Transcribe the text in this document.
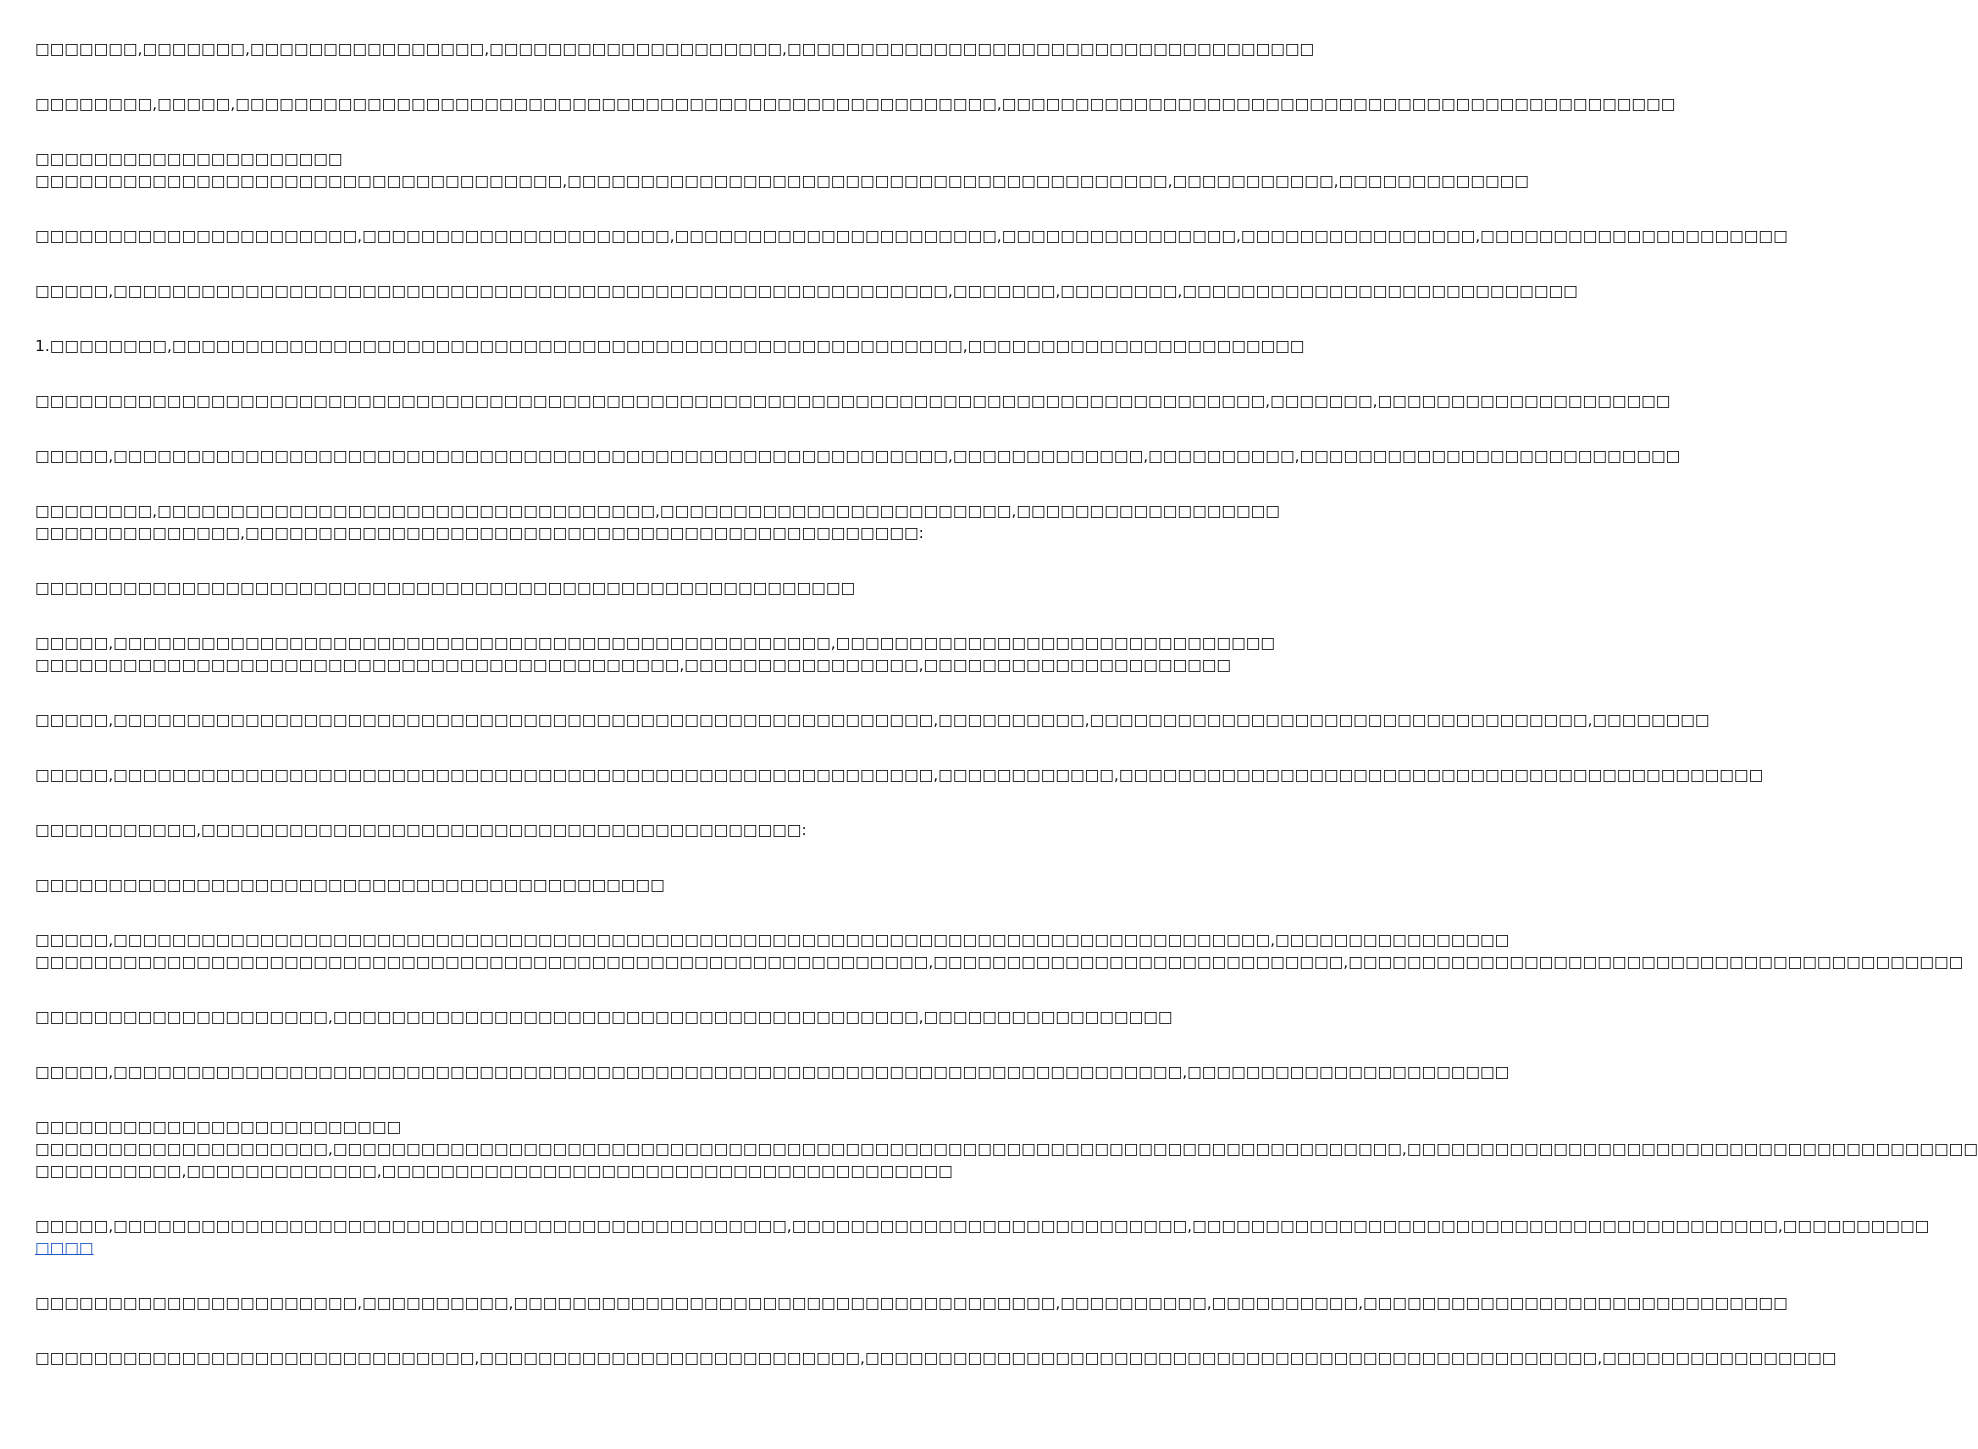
□□□□□□□,□□□□□□□,□□□□□□□□□□□□□□□□,□□□□□□□□□□□□□□□□□□□□,□□□□□□□□□□□□□□□□□□□□□□□□□□□□□□□□□□□□
□□□□□□□□,□□□□□,□□□□□□□□□□□□□□□□□□□□□□□□□□□□□□□□□□□□□□□□□□□□□□□□□□□□,□□□□□□□□□□□□□□□□□□□□□□□□□□□□□□□□□□□□□□□□□□□□□□
□□□□□□□□□□□□□□□□□□□□□
□□□□□□□□□□□□□□□□□□□□□□□□□□□□□□□□□□□□,□□□□□□□□□□□□□□□□□□□□□□□□□□□□□□□□□□□□□□□□□,□□□□□□□□□□□,□□□□□□□□□□□□□
□□□□□□□□□□□□□□□□□□□□□□,□□□□□□□□□□□□□□□□□□□□□,□□□□□□□□□□□□□□□□□□□□□□,□□□□□□□□□□□□□□□□,□□□□□□□□□□□□□□□□,□□□□□□□□□□□□□□□□□□□□□
□□□□□,□□□□□□□□□□□□□□□□□□□□□□□□□□□□□□□□□□□□□□□□□□□□□□□□□□□□□□□□□,□□□□□□□,□□□□□□□□,□□□□□□□□□□□□□□□□□□□□□□□□□□□
1.□□□□□□□□,□□□□□□□□□□□□□□□□□□□□□□□□□□□□□□□□□□□□□□□□□□□□□□□□□□□□□□,□□□□□□□□□□□□□□□□□□□□□□□
□□□□□□□□□□□□□□□□□□□□□□□□□□□□□□□□□□□□□□□□□□□□□□□□□□□□□□□□□□□□□□□□□□□□□□□□□□□□□□□□□□□□,□□□□□□□,□□□□□□□□□□□□□□□□□□□□
□□□□□,□□□□□□□□□□□□□□□□□□□□□□□□□□□□□□□□□□□□□□□□□□□□□□□□□□□□□□□□□,□□□□□□□□□□□□□,□□□□□□□□□□,□□□□□□□□□□□□□□□□□□□□□□□□□□
□□□□□□□□,□□□□□□□□□□□□□□□□□□□□□□□□□□□□□□□□□□,□□□□□□□□□□□□□□□□□□□□□□□□,□□□□□□□□□□□□□□□□□□
□□□□□□□□□□□□□□,□□□□□□□□□□□□□□□□□□□□□□□□□□□□□□□□□□□□□□□□□□□□□□:
□□□□□□□□□□□□□□□□□□□□□□□□□□□□□□□□□□□□□□□□□□□□□□□□□□□□□□□□
□□□□□,□□□□□□□□□□□□□□□□□□□□□□□□□□□□□□□□□□□□□□□□□□□□□□□□□,□□□□□□□□□□□□□□□□□□□□□□□□□□□□□□
□□□□□□□□□□□□□□□□□□□□□□□□□□□□□□□□□□□□□□□□□□□□,□□□□□□□□□□□□□□□□,□□□□□□□□□□□□□□□□□□□□□
□□□□□,□□□□□□□□□□□□□□□□□□□□□□□□□□□□□□□□□□□□□□□□□□□□□□□□□□□□□□□□,□□□□□□□□□□,□□□□□□□□□□□□□□□□□□□□□□□□□□□□□□□□□□,□□□□□□□□
□□□□□,□□□□□□□□□□□□□□□□□□□□□□□□□□□□□□□□□□□□□□□□□□□□□□□□□□□□□□□□,□□□□□□□□□□□□,□□□□□□□□□□□□□□□□□□□□□□□□□□□□□□□□□□□□□□□□□□□□
□□□□□□□□□□□,□□□□□□□□□□□□□□□□□□□□□□□□□□□□□□□□□□□□□□□□□:
□□□□□□□□□□□□□□□□□□□□□□□□□□□□□□□□□□□□□□□□□□□
□□□□□,□□□□□□□□□□□□□□□□□□□□□□□□□□□□□□□□□□□□□□□□□□□□□□□□□□□□□□□□□□□□□□□□□□□□□□□□□□□□□□□,□□□□□□□□□□□□□□□□
□□□□□□□□□□□□□□□□□□□□□□□□□□□□□□□□□□□□□□□□□□□□□□□□□□□□□□□□□□□□□,□□□□□□□□□□□□□□□□□□□□□□□□□□□□,□□□□□□□□□□□□□□□□□□□□□□□□□□□□□□□□□□□□□□□□□□
□□□□□□□□□□□□□□□□□□□□,□□□□□□□□□□□□□□□□□□□□□□□□□□□□□□□□□□□□□□□□,□□□□□□□□□□□□□□□□□
□□□□□,□□□□□□□□□□□□□□□□□□□□□□□□□□□□□□□□□□□□□□□□□□□□□□□□□□□□□□□□□□□□□□□□□□□□□□□□□,□□□□□□□□□□□□□□□□□□□□□□
□□□□□□□□□□□□□□□□□□□□□□□□□
□□□□□□□□□□□□□□□□□□□□,□□□□□□□□□□□□□□□□□□□□□□□□□□□□□□□□□□□□□□□□□□□□□□□□□□□□□□□□□□□□□□□□□□□□□□□□□,□□□□□□□□□□□□□□□□□□□□□□□□□□□□□□□□□□□□□□□
□□□□□□□□□□,□□□□□□□□□□□□□,□□□□□□□□□□□□□□□□□□□□□□□□□□□□□□□□□□□□□□□
□□□□□,□□□□□□□□□□□□□□□□□□□□□□□□□□□□□□□□□□□□□□□□□□□□□□,□□□□□□□□□□□□□□□□□□□□□□□□□□□,□□□□□□□□□□□□□□□□□□□□□□□□□□□□□□□□□□□□□□□□,□□□□□□□□□□
□□□□
□□□□□□□□□□□□□□□□□□□□□□,□□□□□□□□□□,□□□□□□□□□□□□□□□□□□□□□□□□□□□□□□□□□□□□□,□□□□□□□□□□,□□□□□□□□□□,□□□□□□□□□□□□□□□□□□□□□□□□□□□□□
□□□□□□□□□□□□□□□□□□□□□□□□□□□□□□,□□□□□□□□□□□□□□□□□□□□□□□□□□,□□□□□□□□□□□□□□□□□□□□□□□□□□□□□□□□□□□□□□□□□□□□□□□□□□,□□□□□□□□□□□□□□□□
